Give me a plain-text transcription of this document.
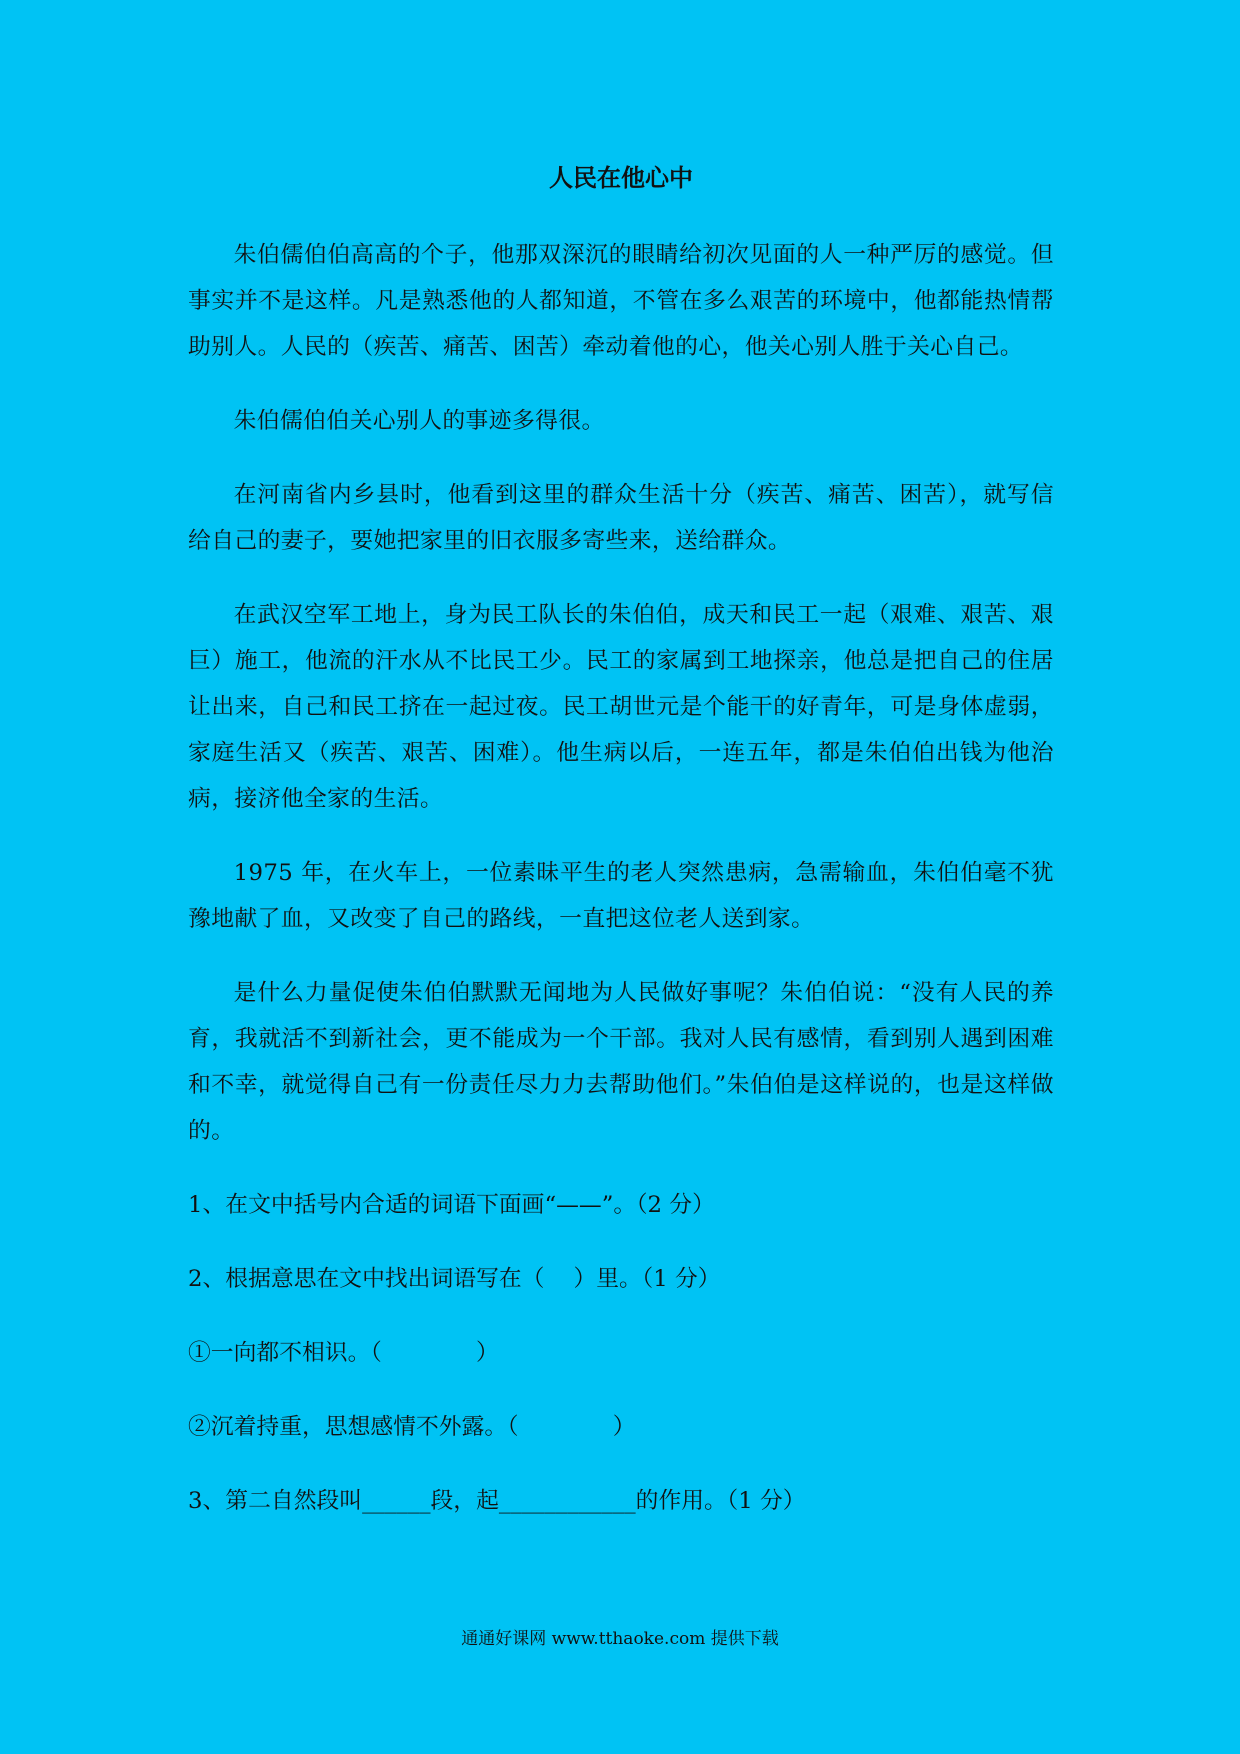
人民在他心中

朱伯儒伯伯高高的个子，他那双深沉的眼睛给初次见面的人一种严厉的感觉。但事实并不是这样。凡是熟悉他的人都知道，不管在多么艰苦的环境中，他都能热情帮助别人。人民的（疾苦、痛苦、困苦）牵动着他的心，他关心别人胜于关心自己。

朱伯儒伯伯关心别人的事迹多得很。

在河南省内乡县时，他看到这里的群众生活十分（疾苦、痛苦、困苦），就写信给自己的妻子，要她把家里的旧衣服多寄些来，送给群众。

在武汉空军工地上，身为民工队长的朱伯伯，成天和民工一起（艰难、艰苦、艰巨）施工，他流的汗水从不比民工少。民工的家属到工地探亲，他总是把自己的住居让出来，自己和民工挤在一起过夜。民工胡世元是个能干的好青年，可是身体虚弱，家庭生活又（疾苦、艰苦、困难）。他生病以后，一连五年，都是朱伯伯出钱为他治病，接济他全家的生活。

1975 年，在火车上，一位素昧平生的老人突然患病，急需输血，朱伯伯毫不犹豫地献了血，又改变了自己的路线，一直把这位老人送到家。

是什么力量促使朱伯伯默默无闻地为人民做好事呢？朱伯伯说：“没有人民的养育，我就活不到新社会，更不能成为一个干部。我对人民有感情，看到别人遇到困难和不幸，就觉得自己有一份责任尽力力去帮助他们。”朱伯伯是这样说的，也是这样做的。

1、在文中括号内合适的词语下面画“——”。（2 分）
2、根据意思在文中找出词语写在（    ）里。（1 分）
①一向都不相识。（             ）
②沉着持重，思想感情不外露。（             ）
3、第二自然段叫______段，起____________的作用。（1 分）
通通好课网 www.tthaoke.com 提供下载
